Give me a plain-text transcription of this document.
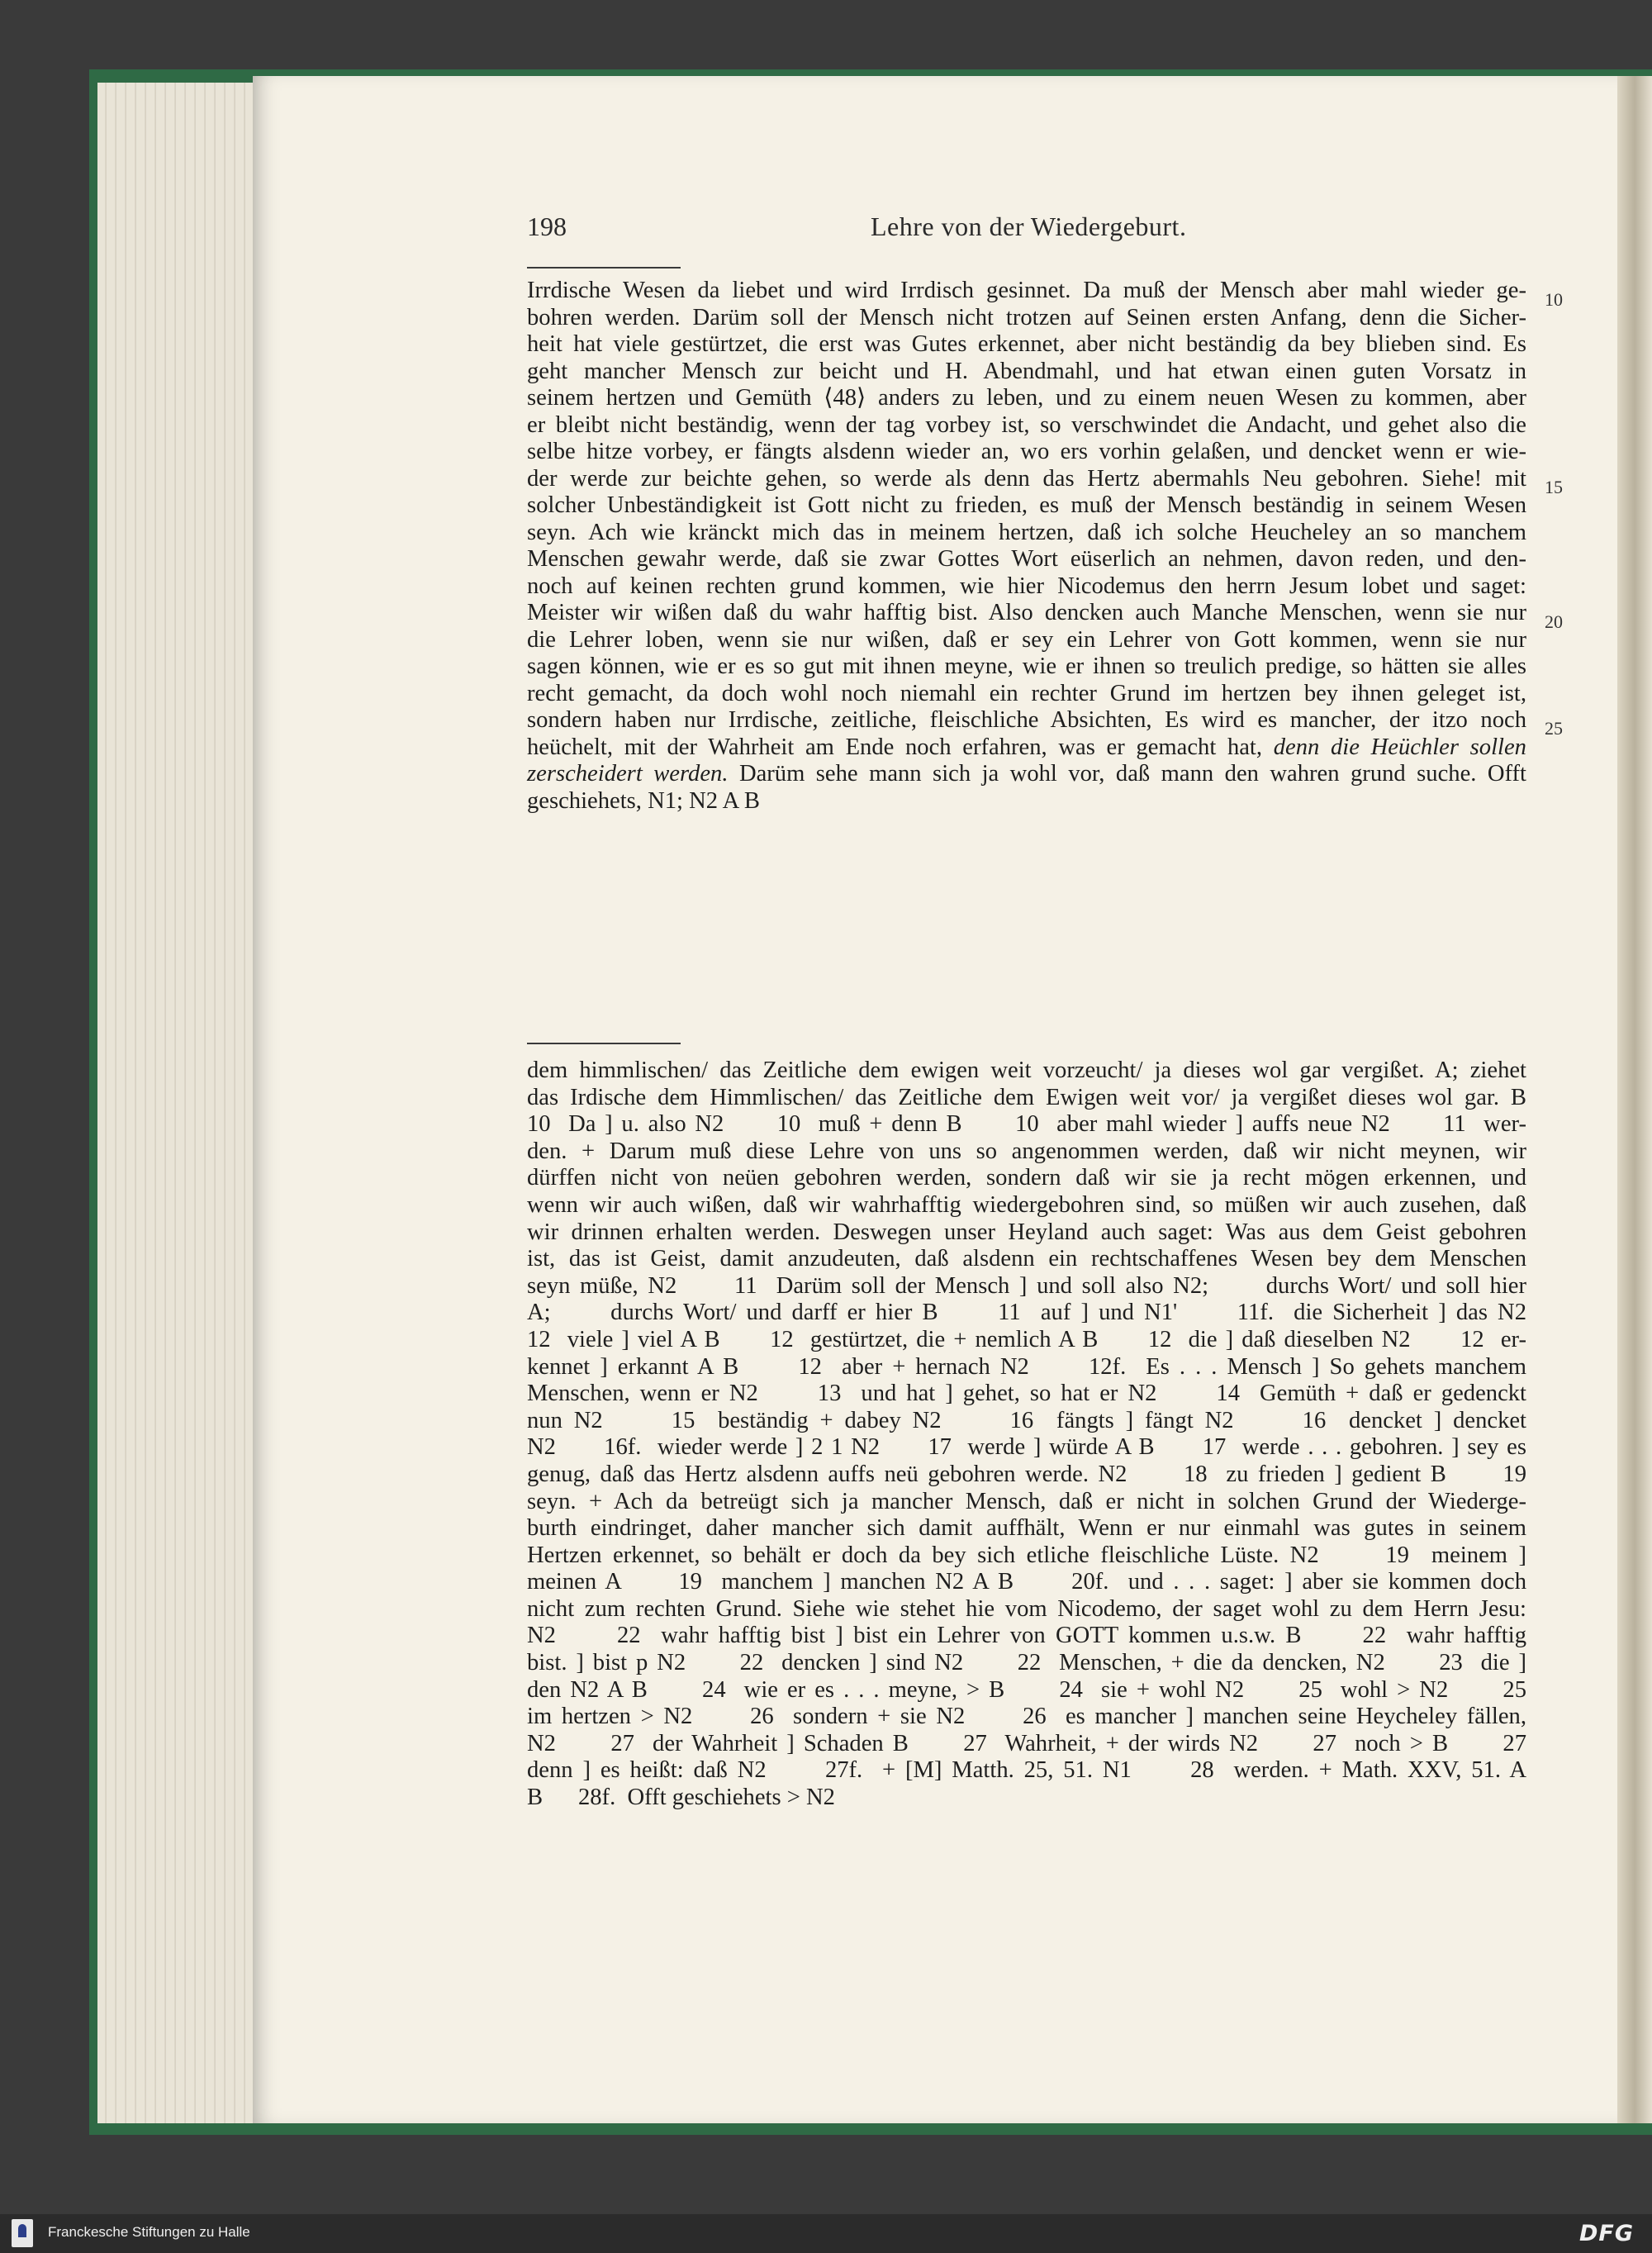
198	Lehre von der Wiedergeburt.
Irrdische Wesen da liebet und wird Irrdisch gesinnet. Da muß der Mensch aber mahl wieder ge-
bohren werden. Darüm soll der Mensch nicht trotzen auf Seinen ersten Anfang, denn die Sicher-
heit hat viele gestürtzet, die erst was Gutes erkennet, aber nicht beständig da bey blieben sind. Es
geht mancher Mensch zur beicht und H. Abendmahl, und hat etwan einen guten Vorsatz in
seinem hertzen und Gemüth ⟨48⟩ anders zu leben, und zu einem neuen Wesen zu kommen, aber
er bleibt nicht beständig, wenn der tag vorbey ist, so verschwindet die Andacht, und gehet also die
selbe hitze vorbey, er fängts alsdenn wieder an, wo ers vorhin gelaßen, und dencket wenn er wie-
der werde zur beichte gehen, so werde als denn das Hertz abermahls Neu gebohren. Siehe! mit
solcher Unbeständigkeit ist Gott nicht zu frieden, es muß der Mensch beständig in seinem Wesen
seyn. Ach wie kränckt mich das in meinem hertzen, daß ich solche Heucheley an so manchem
Menschen gewahr werde, daß sie zwar Gottes Wort eüserlich an nehmen, davon reden, und den-
noch auf keinen rechten grund kommen, wie hier Nicodemus den herrn Jesum lobet und saget:
Meister wir wißen daß du wahr hafftig bist. Also dencken auch Manche Menschen, wenn sie nur
die Lehrer loben, wenn sie nur wißen, daß er sey ein Lehrer von Gott kommen, wenn sie nur
sagen können, wie er es so gut mit ihnen meyne, wie er ihnen so treulich predige, so hätten sie alles
recht gemacht, da doch wohl noch niemahl ein rechter Grund im hertzen bey ihnen geleget ist,
sondern haben nur Irrdische, zeitliche, fleischliche Absichten, Es wird es mancher, der itzo noch
heüchelt, mit der Wahrheit am Ende noch erfahren, was er gemacht hat, denn die Heüchler sollen
zerscheidert werden. Darüm sehe mann sich ja wohl vor, daß mann den wahren grund suche. Offt
geschiehets, N1; N2 A B
10
15
20
25
dem himmlischen/ das Zeitliche dem ewigen weit vorzeucht/ ja dieses wol gar vergißet. A; ziehet
das Irdische dem Himmlischen/ das Zeitliche dem Ewigen weit vor/ ja vergißet dieses wol gar. B
10  Da ] u. also N2      10  muß + denn B      10  aber mahl wieder ] auffs neue N2      11  wer-
den. + Darum muß diese Lehre von uns so angenommen werden, daß wir nicht meynen, wir
dürffen nicht von neüen gebohren werden, sondern daß wir sie ja recht mögen erkennen, und
wenn wir auch wißen, daß wir wahrhafftig wiedergebohren sind, so müßen wir auch zusehen, daß
wir drinnen erhalten werden. Deswegen unser Heyland auch saget: Was aus dem Geist gebohren
ist, das ist Geist, damit anzudeuten, daß alsdenn ein rechtschaffenes Wesen bey dem Menschen
seyn müße, N2      11  Darüm soll der Mensch ] und soll also N2;      durchs Wort/ und soll hier
A;      durchs Wort/ und darff er hier B      11  auf ] und N1'      11f.  die Sicherheit ] das N2
12  viele ] viel A B      12  gestürtzet, die + nemlich A B      12  die ] daß dieselben N2      12  er-
kennet ] erkannt A B      12  aber + hernach N2      12f.  Es . . . Mensch ] So gehets manchem
Menschen, wenn er N2      13  und hat ] gehet, so hat er N2      14  Gemüth + daß er gedenckt
nun N2      15  beständig + dabey N2      16  fängts ] fängt N2      16  dencket ] dencket
N2      16f.  wieder werde ] 2 1 N2      17  werde ] würde A B      17  werde . . . gebohren. ] sey es
genug, daß das Hertz alsdenn auffs neü gebohren werde. N2      18  zu frieden ] gedient B      19
seyn. + Ach da betreügt sich ja mancher Mensch, daß er nicht in solchen Grund der Wiederge-
burth eindringet, daher mancher sich damit auffhält, Wenn er nur einmahl was gutes in seinem
Hertzen erkennet, so behält er doch da bey sich etliche fleischliche Lüste. N2      19  meinem ]
meinen A      19  manchem ] manchen N2 A B      20f.  und . . . saget: ] aber sie kommen doch
nicht zum rechten Grund. Siehe wie stehet hie vom Nicodemo, der saget wohl zu dem Herrn Jesu:
N2      22  wahr hafftig bist ] bist ein Lehrer von GOTT kommen u.s.w. B      22  wahr hafftig
bist. ] bist p N2      22  dencken ] sind N2      22  Menschen, + die da dencken, N2      23  die ]
den N2 A B      24  wie er es . . . meyne, > B      24  sie + wohl N2      25  wohl > N2      25
im hertzen > N2      26  sondern + sie N2      26  es mancher ] manchen seine Heycheley fällen,
N2      27  der Wahrheit ] Schaden B      27  Wahrheit, + der wirds N2      27  noch > B      27
denn ] es heißt: daß N2      27f.  + [M] Matth. 25, 51. N1      28  werden. + Math. XXV, 51. A
B      28f.  Offt geschiehets > N2
Franckesche Stiftungen zu Halle	DFG
